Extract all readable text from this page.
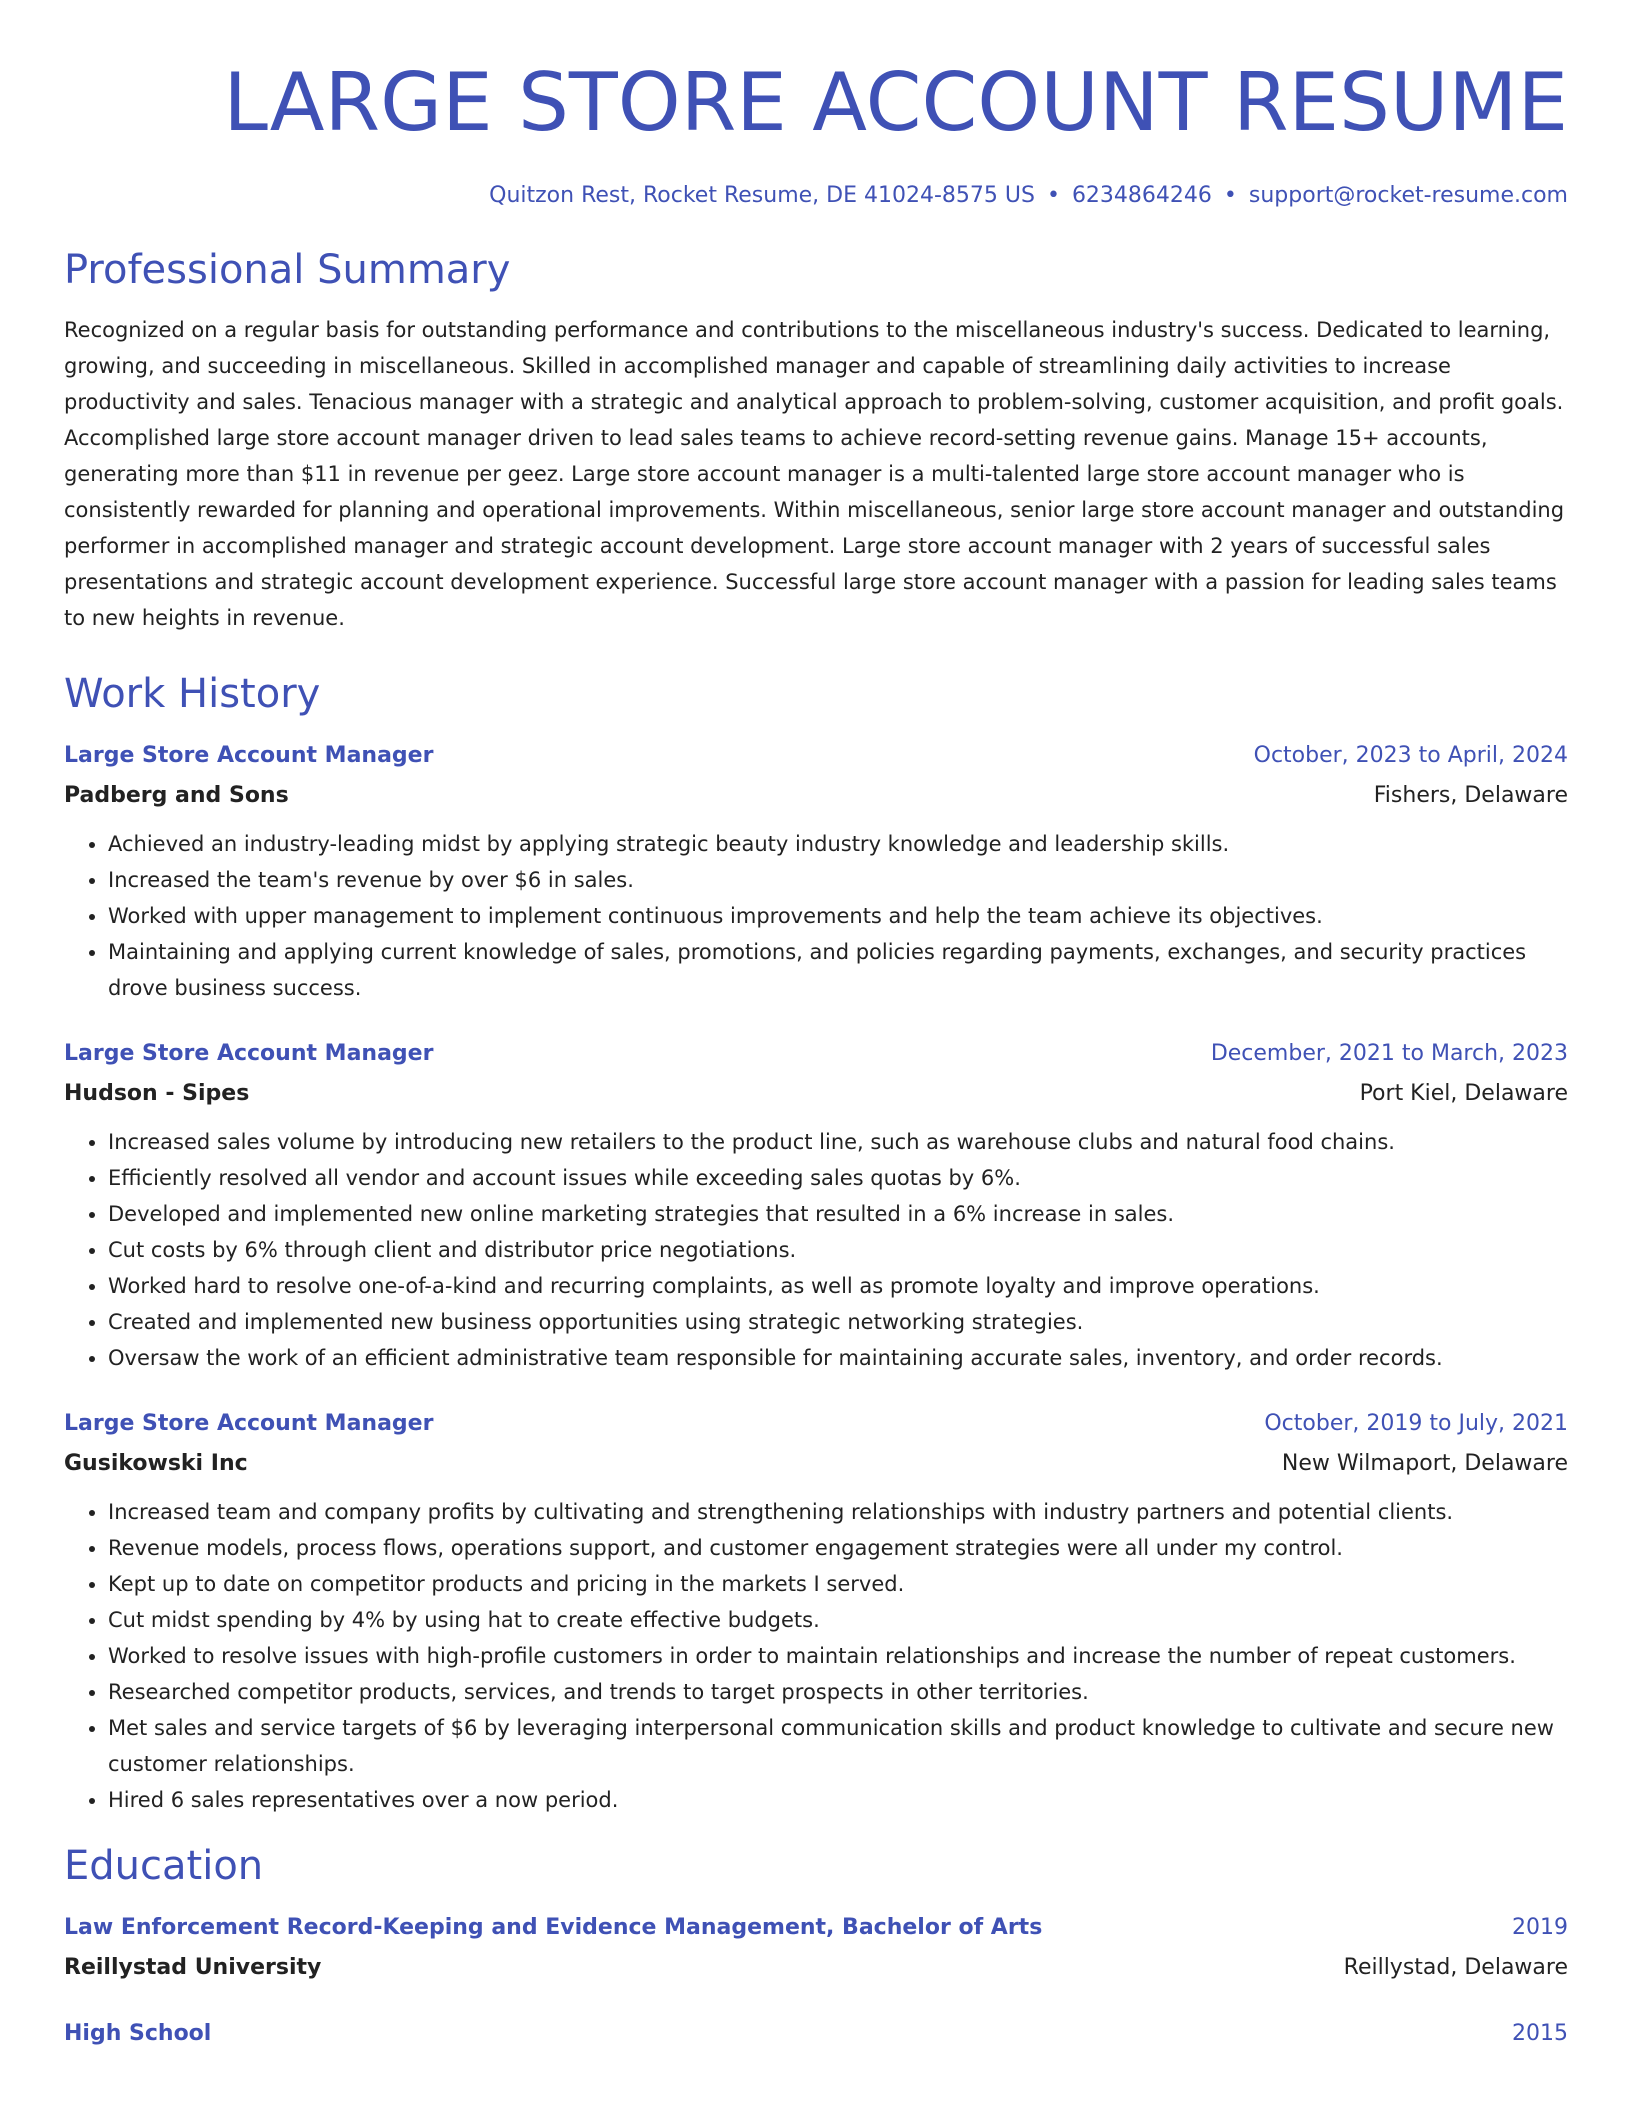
LARGE STORE ACCOUNT RESUME
Quitzon Rest, Rocket Resume, DE 41024-8575 US • 6234864246 • support@rocket-resume.com
Professional Summary
Recognized on a regular basis for outstanding performance and contributions to the miscellaneous industry's success. Dedicated to learning, growing, and succeeding in miscellaneous. Skilled in accomplished manager and capable of streamlining daily activities to increase productivity and sales. Tenacious manager with a strategic and analytical approach to problem-solving, customer acquisition, and profit goals. Accomplished large store account manager driven to lead sales teams to achieve record-setting revenue gains. Manage 15+ accounts, generating more than $11 in revenue per geez. Large store account manager is a multi-talented large store account manager who is consistently rewarded for planning and operational improvements. Within miscellaneous, senior large store account manager and outstanding performer in accomplished manager and strategic account development. Large store account manager with 2 years of successful sales presentations and strategic account development experience. Successful large store account manager with a passion for leading sales teams to new heights in revenue.
Work History
Large Store Account Manager	October, 2023 to April, 2024
Padberg and Sons	Fishers, Delaware
• Achieved an industry-leading midst by applying strategic beauty industry knowledge and leadership skills.
• Increased the team's revenue by over $6 in sales.
• Worked with upper management to implement continuous improvements and help the team achieve its objectives.
• Maintaining and applying current knowledge of sales, promotions, and policies regarding payments, exchanges, and security practices drove business success.
Large Store Account Manager	December, 2021 to March, 2023
Hudson - Sipes	Port Kiel, Delaware
• Increased sales volume by introducing new retailers to the product line, such as warehouse clubs and natural food chains.
• Efficiently resolved all vendor and account issues while exceeding sales quotas by 6%.
• Developed and implemented new online marketing strategies that resulted in a 6% increase in sales.
• Cut costs by 6% through client and distributor price negotiations.
• Worked hard to resolve one-of-a-kind and recurring complaints, as well as promote loyalty and improve operations.
• Created and implemented new business opportunities using strategic networking strategies.
• Oversaw the work of an efficient administrative team responsible for maintaining accurate sales, inventory, and order records.
Large Store Account Manager	October, 2019 to July, 2021
Gusikowski Inc	New Wilmaport, Delaware
• Increased team and company profits by cultivating and strengthening relationships with industry partners and potential clients.
• Revenue models, process flows, operations support, and customer engagement strategies were all under my control.
• Kept up to date on competitor products and pricing in the markets I served.
• Cut midst spending by 4% by using hat to create effective budgets.
• Worked to resolve issues with high-profile customers in order to maintain relationships and increase the number of repeat customers.
• Researched competitor products, services, and trends to target prospects in other territories.
• Met sales and service targets of $6 by leveraging interpersonal communication skills and product knowledge to cultivate and secure new customer relationships.
• Hired 6 sales representatives over a now period.
Education
Law Enforcement Record-Keeping and Evidence Management, Bachelor of Arts	2019
Reillystad University	Reillystad, Delaware
High School	2015
